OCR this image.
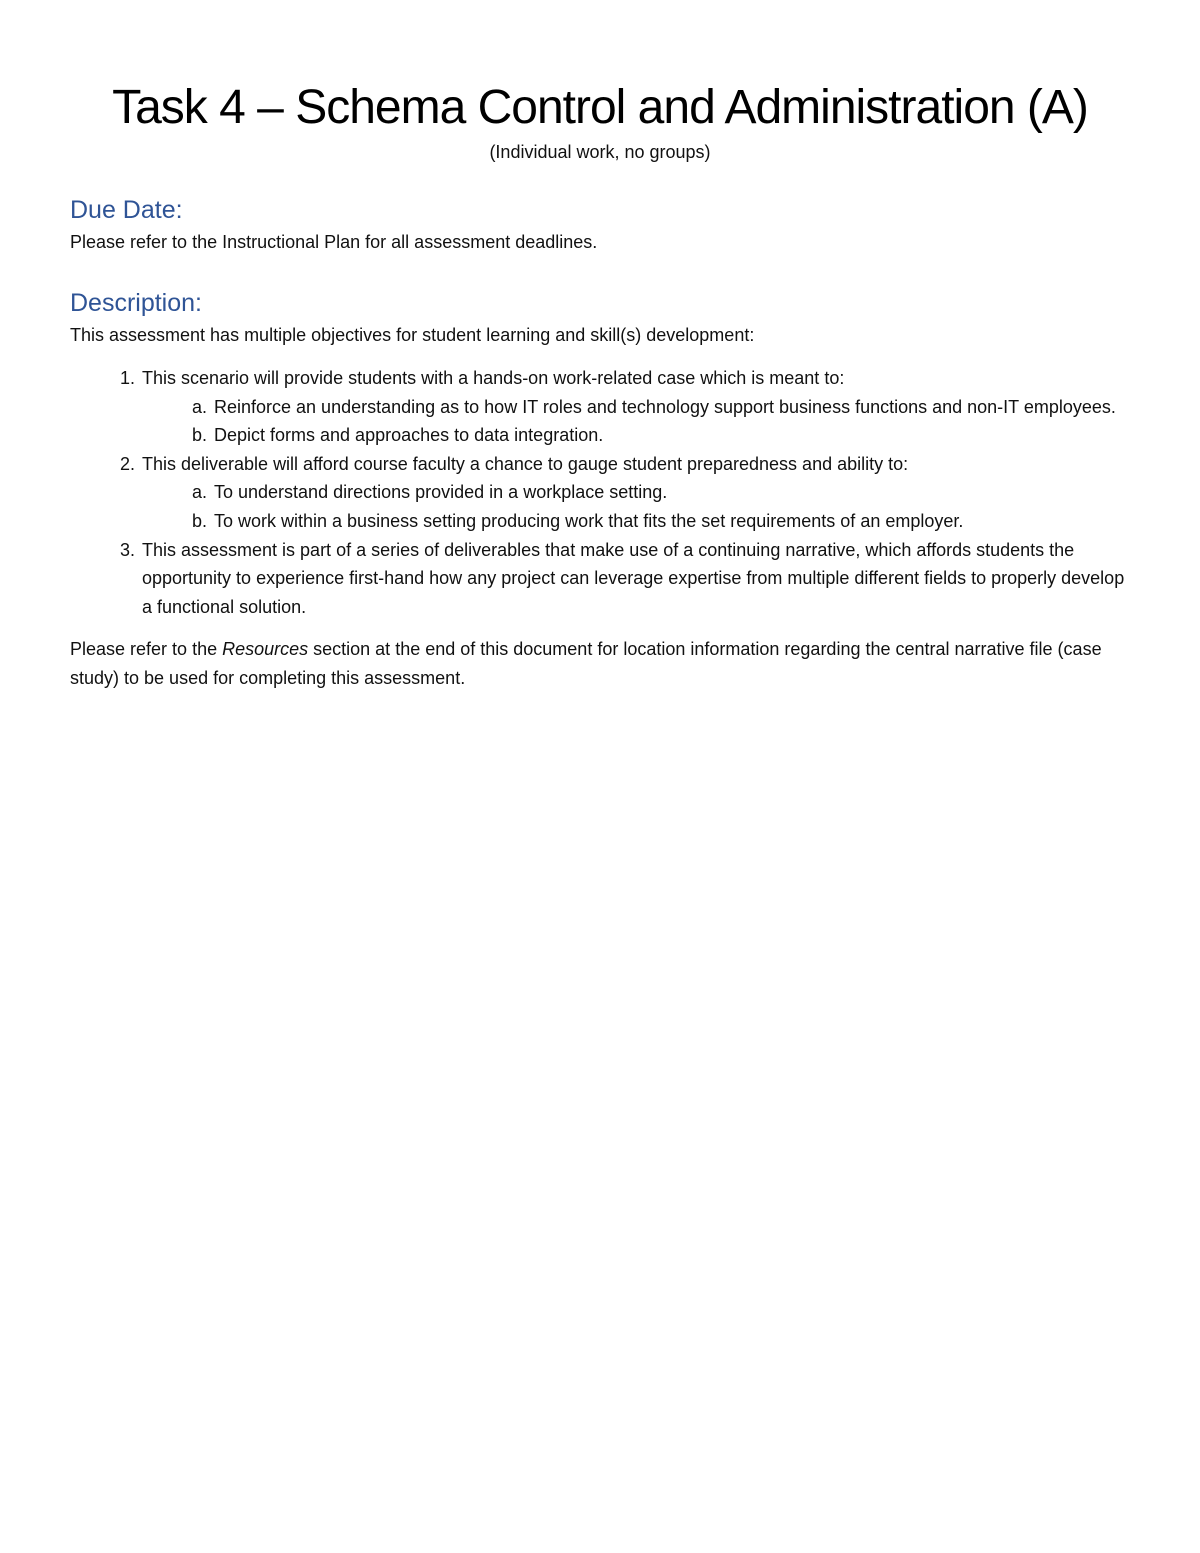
Task 4 – Schema Control and Administration (A)

(Individual work, no groups)

Due Date:

Please refer to the Instructional Plan for all assessment deadlines.

Description:

This assessment has multiple objectives for student learning and skill(s) development:

1. This scenario will provide students with a hands-on work-related case which is meant to:
a. Reinforce an understanding as to how IT roles and technology support business functions and non-IT employees.
b. Depict forms and approaches to data integration.
2. This deliverable will afford course faculty a chance to gauge student preparedness and ability to:
a. To understand directions provided in a workplace setting.
b. To work within a business setting producing work that fits the set requirements of an employer.
3. This assessment is part of a series of deliverables that make use of a continuing narrative, which affords students the opportunity to experience first-hand how any project can leverage expertise from multiple different fields to properly develop a functional solution.

Please refer to the Resources section at the end of this document for location information regarding the central narrative file (case study) to be used for completing this assessment.
